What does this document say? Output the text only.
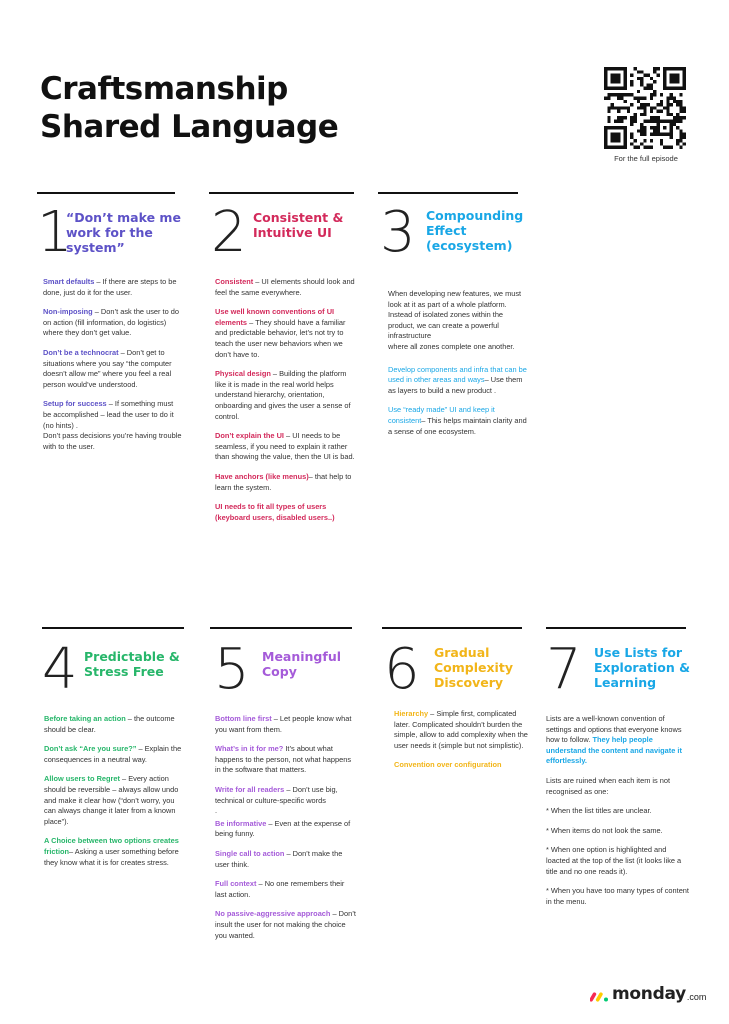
Craftsmanship
Shared Language
For the full episode
1
“Don’t make me work for the system”

Smart defaults – If there are steps to be done, just do it for the user.

Non-imposing – Don’t ask the user to do on action (fill information, do logistics) where they don’t get value.

Don’t be a technocrat – Don’t get to situations where you say “the computer doesn’t allow me” where you feel a real person would’ve understood.

Setup for success – If something must be accomplished – lead the user to do it (no hints) .
Don’t pass decisions you’re having trouble with to the user.

2 Consistent & Intuitive UI

Consistent – UI elements should look and feel the same everywhere.

Use well known conventions of UI elements – They should have a familiar and predictable behavior, let’s not try to teach the user new behaviors when we don’t have to.

Physical design – Building the platform like it is made in the real world helps understand hierarchy, orientation, onboarding and gives the user a sense of control.

Don’t explain the UI – UI needs to be seamless, if you need to explain it rather than showing the value, then the UI is bad.

Have anchors (like menus)– that help to learn the system.

UI needs to fit all types of users (keyboard users, disabled users..)

3 Compounding Effect (ecosystem)

When developing new features, we must look at it as part of a whole platform. Instead of isolated zones within the product, we can create a powerful infrastructure
where all zones complete one another.

Develop components and infra that can be used in other areas and ways– Use them as layers to build a new product .

Use “ready made” UI and keep it consistent– This helps maintain clarity and a sense of one ecosystem.

4 Predictable & Stress Free

Before taking an action – the outcome should be clear.

Don’t ask “Are you sure?” – Explain the consequences in a neutral way.

Allow users to Regret – Every action should be reversible – always allow undo and make it clear how (“don’t worry, you can always change it later from a known place”).

A Choice between two options creates friction– Asking a user something before they know what it is for creates stress.

5 Meaningful Copy

Bottom line first – Let people know what you want from them.

What’s in it for me? It’s about what happens to the person, not what happens in the software that matters.

Write for all readers – Don’t use big, technical or culture-specific words
.

Be informative – Even at the expense of being funny.

Single call to action – Don’t make the user think.

Full context – No one remembers their last action.

No passive-aggressive approach – Don’t insult the user for not making the choice you wanted.

6 Gradual Complexity Discovery

Hierarchy – Simple first, complicated later. Complicated shouldn’t burden the simple, allow to add complexity when the user needs it (simple but not simplistic).

Convention over configuration

7 Use Lists for Exploration & Learning

Lists are a well-known convention of settings and options that everyone knows how to follow. They help people understand the content and navigate it effortlessly.

Lists are ruined when each item is not recognised as one:

* When the list titles are unclear.

* When items do not look the same.

* When one option is highlighted and loacted at the top of the list (it looks like a title and no one reads it).

* When you have too many types of content in the menu.

monday .com
